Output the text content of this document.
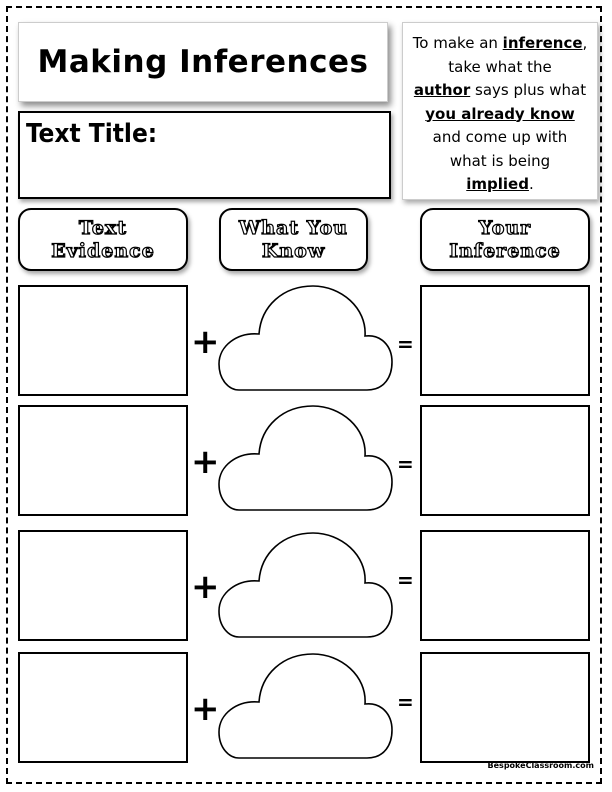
Making Inferences
Text Title:
To make an inference,
take what the
author says plus what
you already know
and come up with
what is being
implied.
Text
Evidence
What You
Know
Your
Inference
+	=
+	=
+	=
+	=
BespokeClassroom.com
